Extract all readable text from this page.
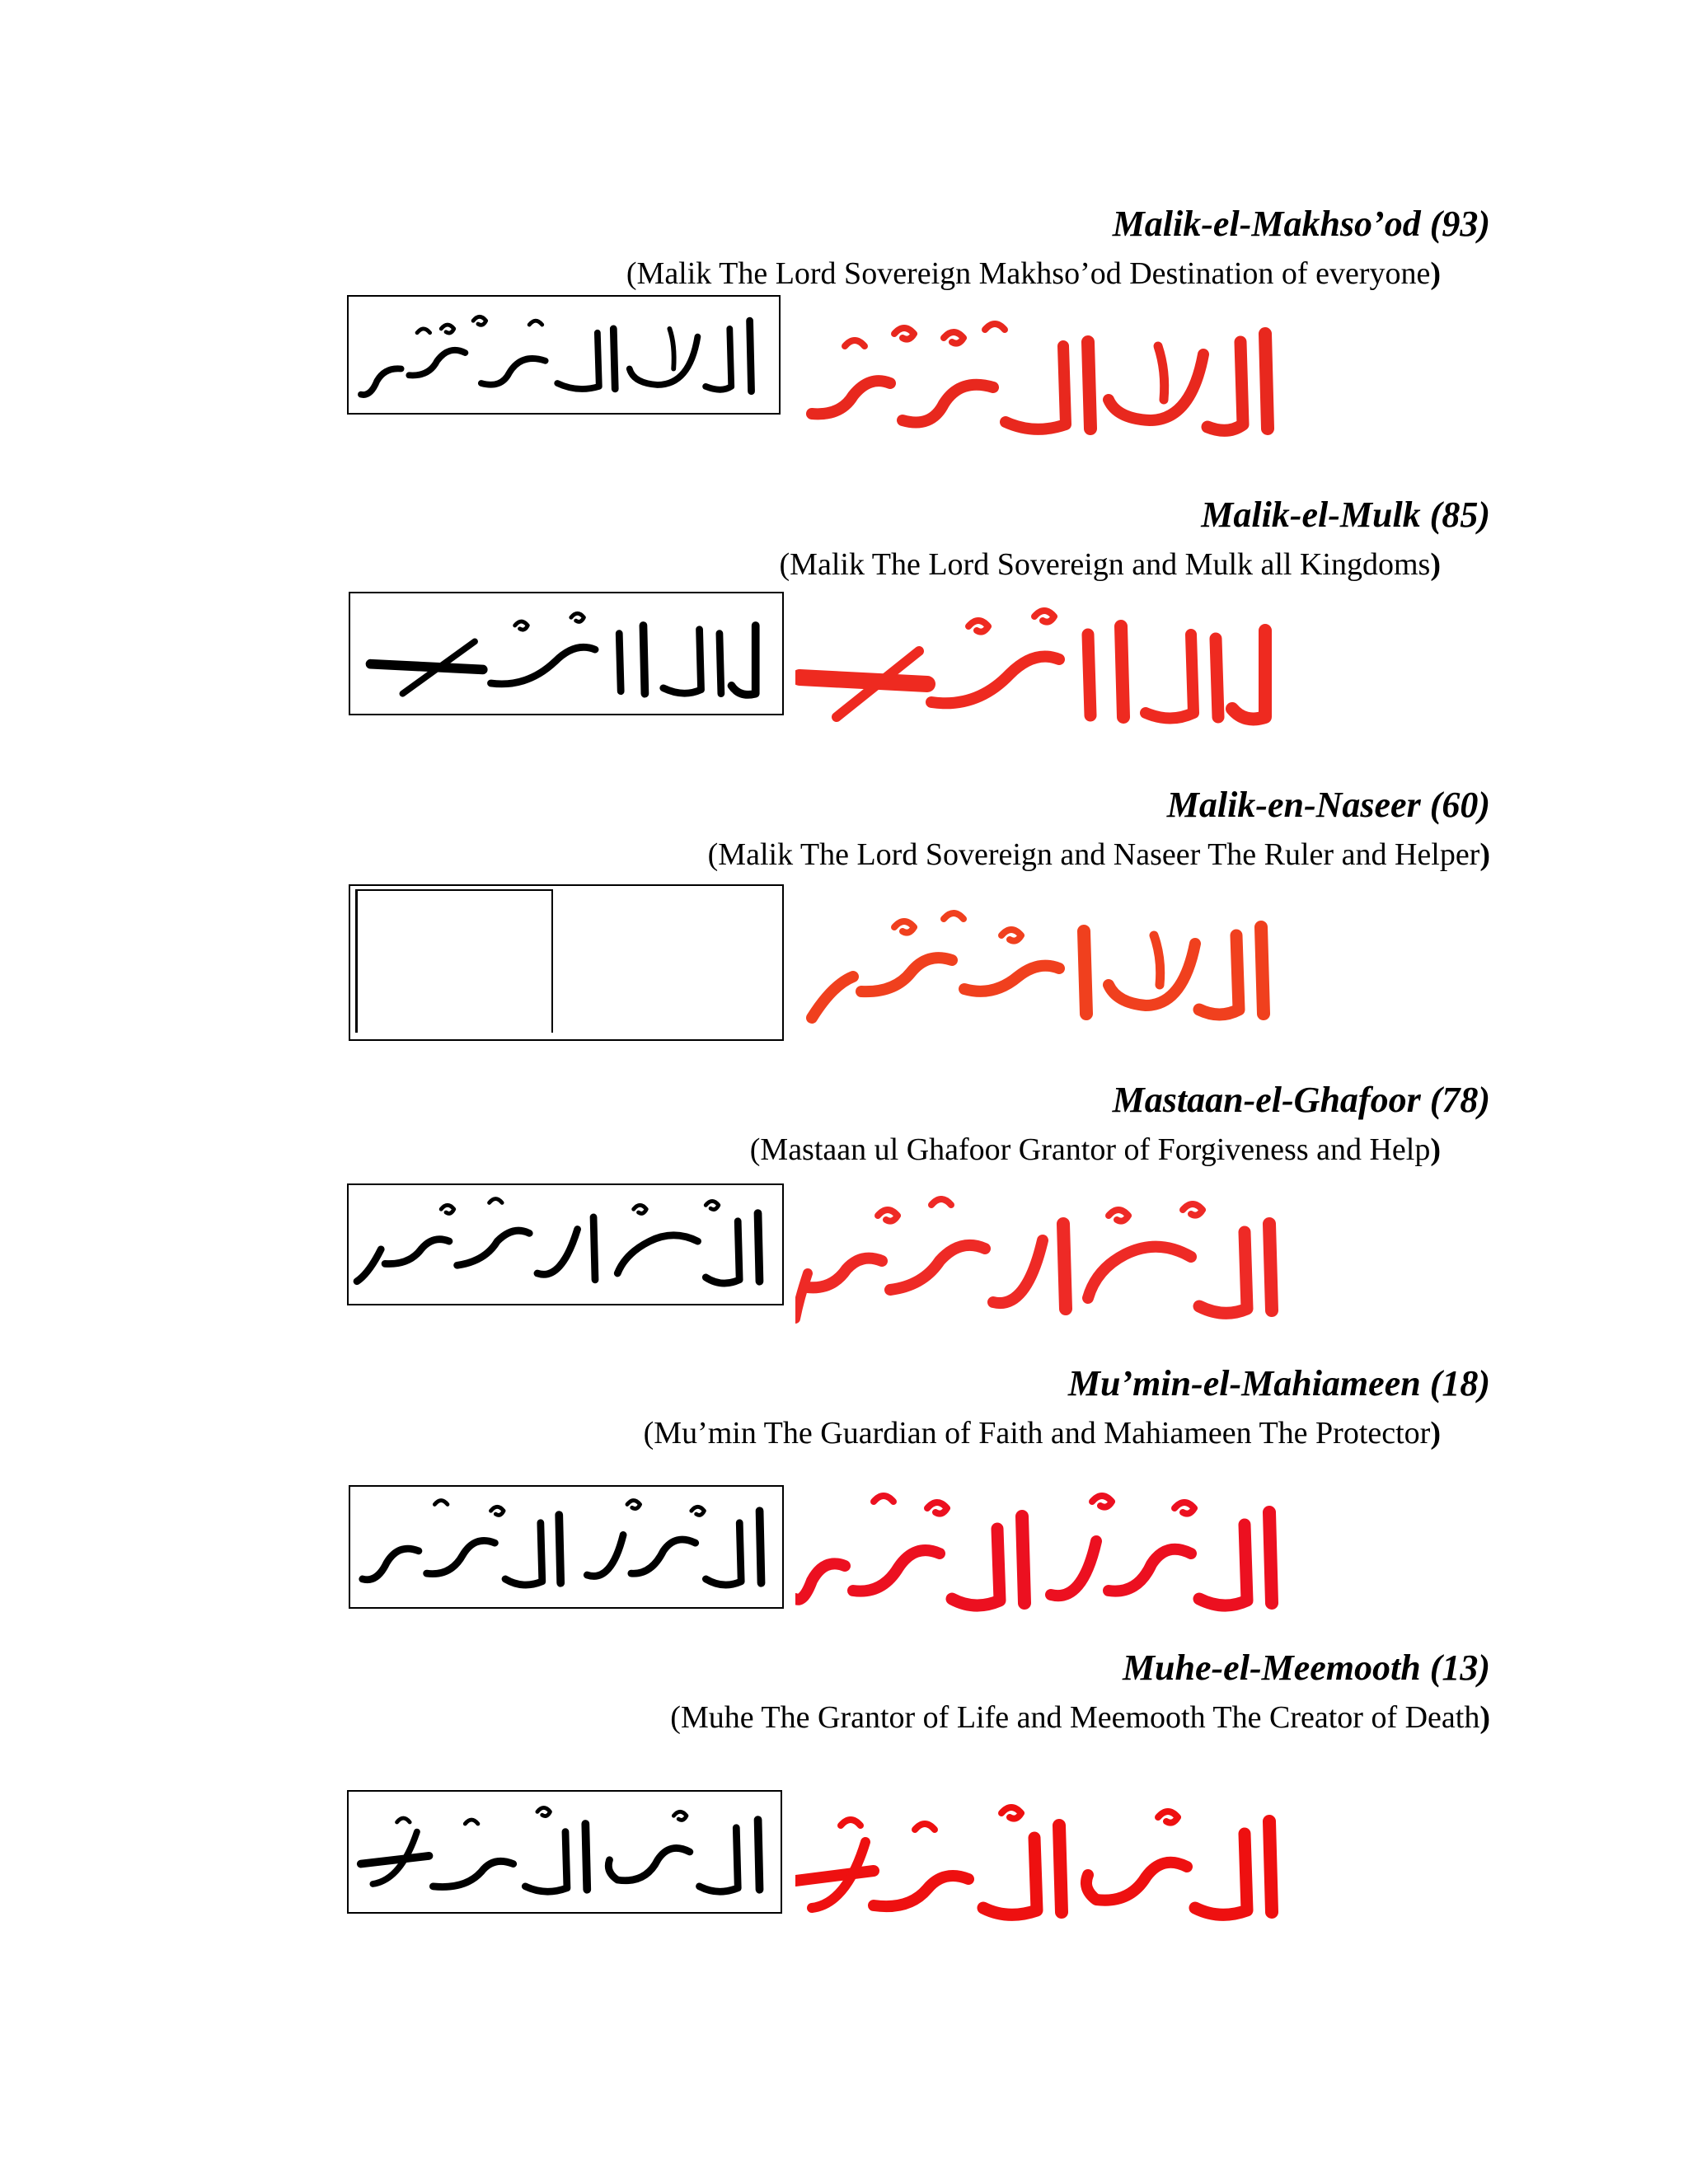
Malik-el-Makhso’od (93)
(Malik The Lord Sovereign Makhso’od Destination of everyone)
Malik-el-Mulk (85)
(Malik The Lord Sovereign and Mulk all Kingdoms)
Malik-en-Naseer (60)
(Malik The Lord Sovereign and Naseer The Ruler and Helper)
Mastaan-el-Ghafoor (78)
(Mastaan ul Ghafoor Grantor of Forgiveness and Help)
Mu’min-el-Mahiameen (18)
(Mu’min The Guardian of Faith and Mahiameen The Protector)
Muhe-el-Meemooth (13)
(Muhe The Grantor of Life and Meemooth The Creator of Death)
